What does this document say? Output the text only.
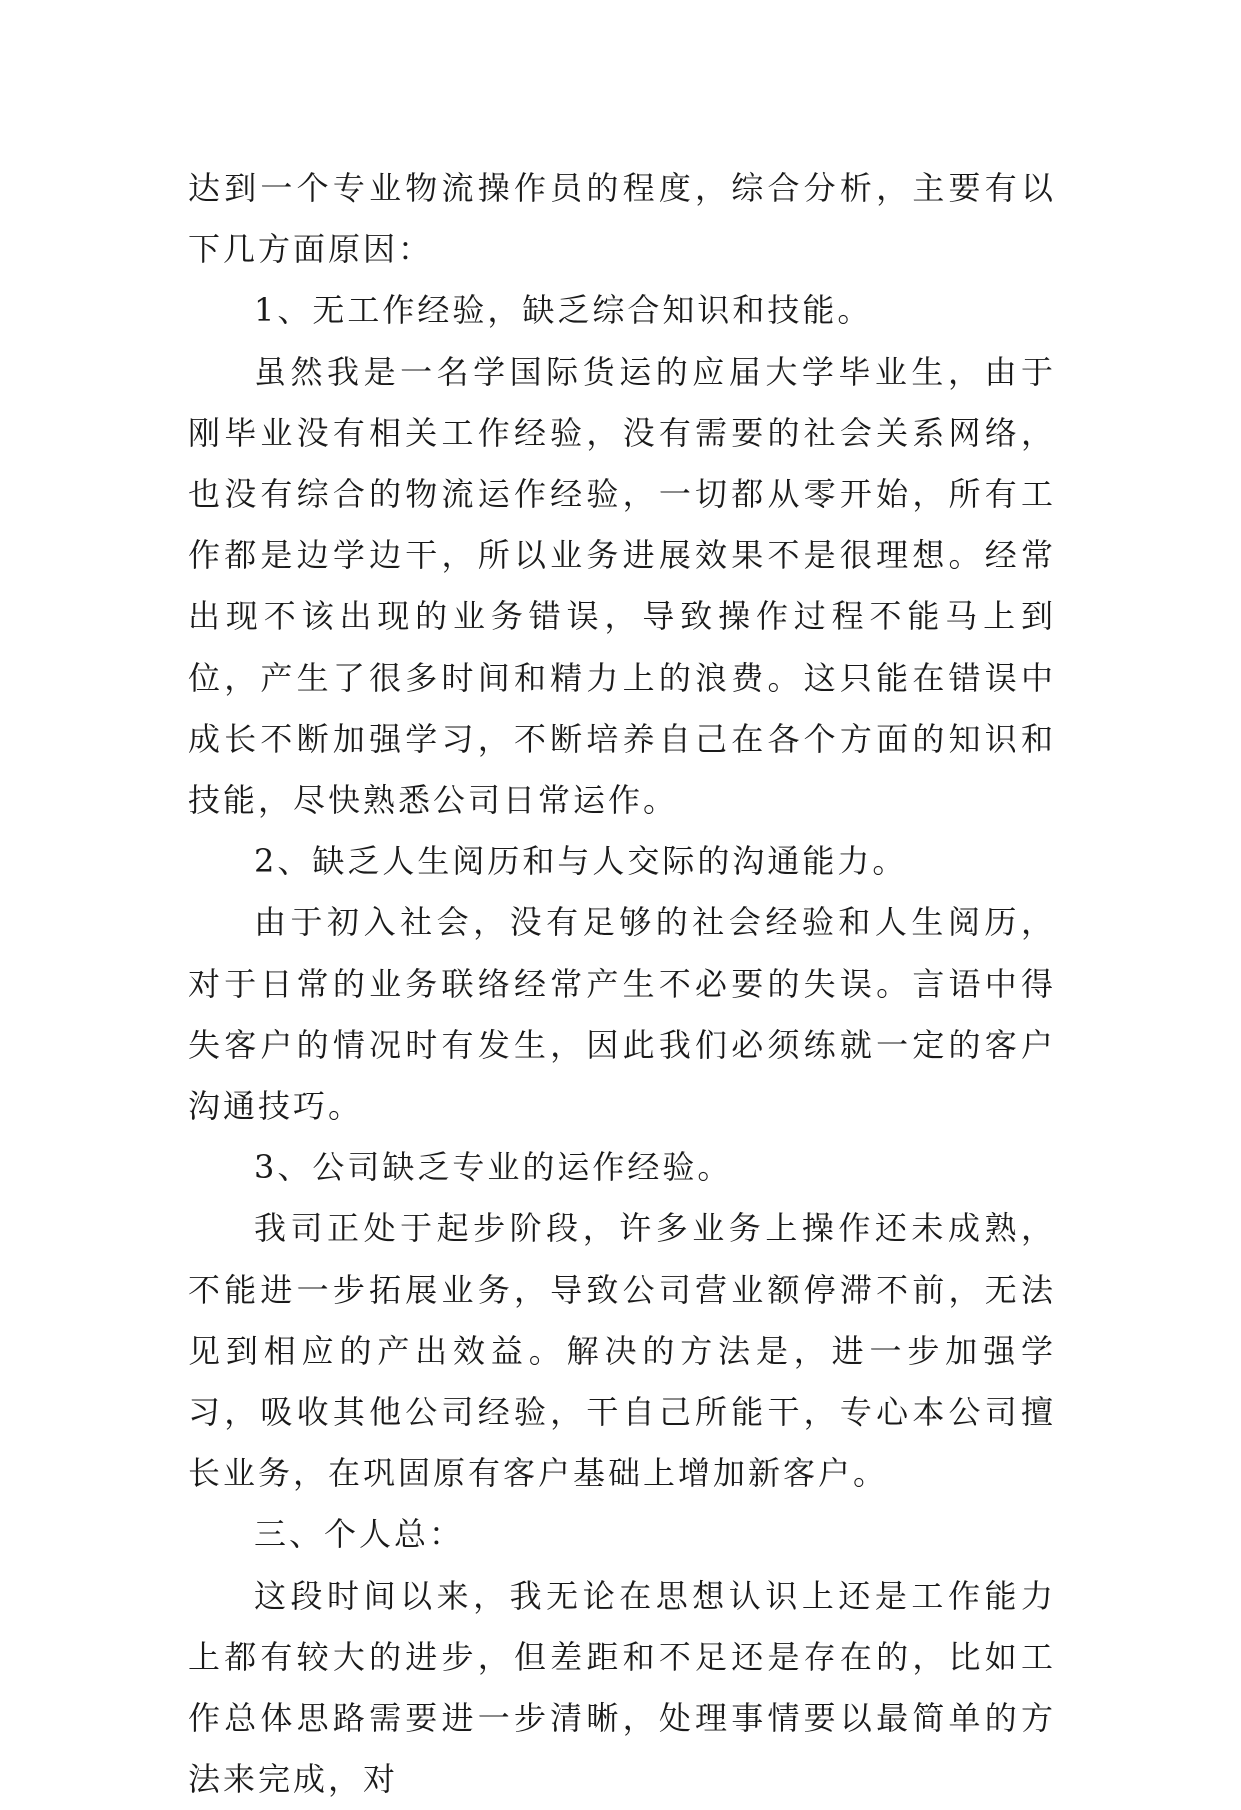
达到一个专业物流操作员的程度，综合分析，主要有以下几方面原因：

1、无工作经验，缺乏综合知识和技能。

虽然我是一名学国际货运的应届大学毕业生，由于刚毕业没有相关工作经验，没有需要的社会关系网络，也没有综合的物流运作经验，一切都从零开始，所有工作都是边学边干，所以业务进展效果不是很理想。经常出现不该出现的业务错误，导致操作过程不能马上到位，产生了很多时间和精力上的浪费。这只能在错误中成长不断加强学习，不断培养自己在各个方面的知识和技能，尽快熟悉公司日常运作。

2、缺乏人生阅历和与人交际的沟通能力。

由于初入社会，没有足够的社会经验和人生阅历，对于日常的业务联络经常产生不必要的失误。言语中得失客户的情况时有发生，因此我们必须练就一定的客户沟通技巧。

3、公司缺乏专业的运作经验。

我司正处于起步阶段，许多业务上操作还未成熟，不能进一步拓展业务，导致公司营业额停滞不前，无法见到相应的产出效益。解决的方法是，进一步加强学习，吸收其他公司经验，干自己所能干，专心本公司擅长业务，在巩固原有客户基础上增加新客户。

三、个人总：

这段时间以来，我无论在思想认识上还是工作能力上都有较大的进步，但差距和不足还是存在的，比如工作总体思路需要进一步清晰，处理事情要以最简单的方法来完成，对
